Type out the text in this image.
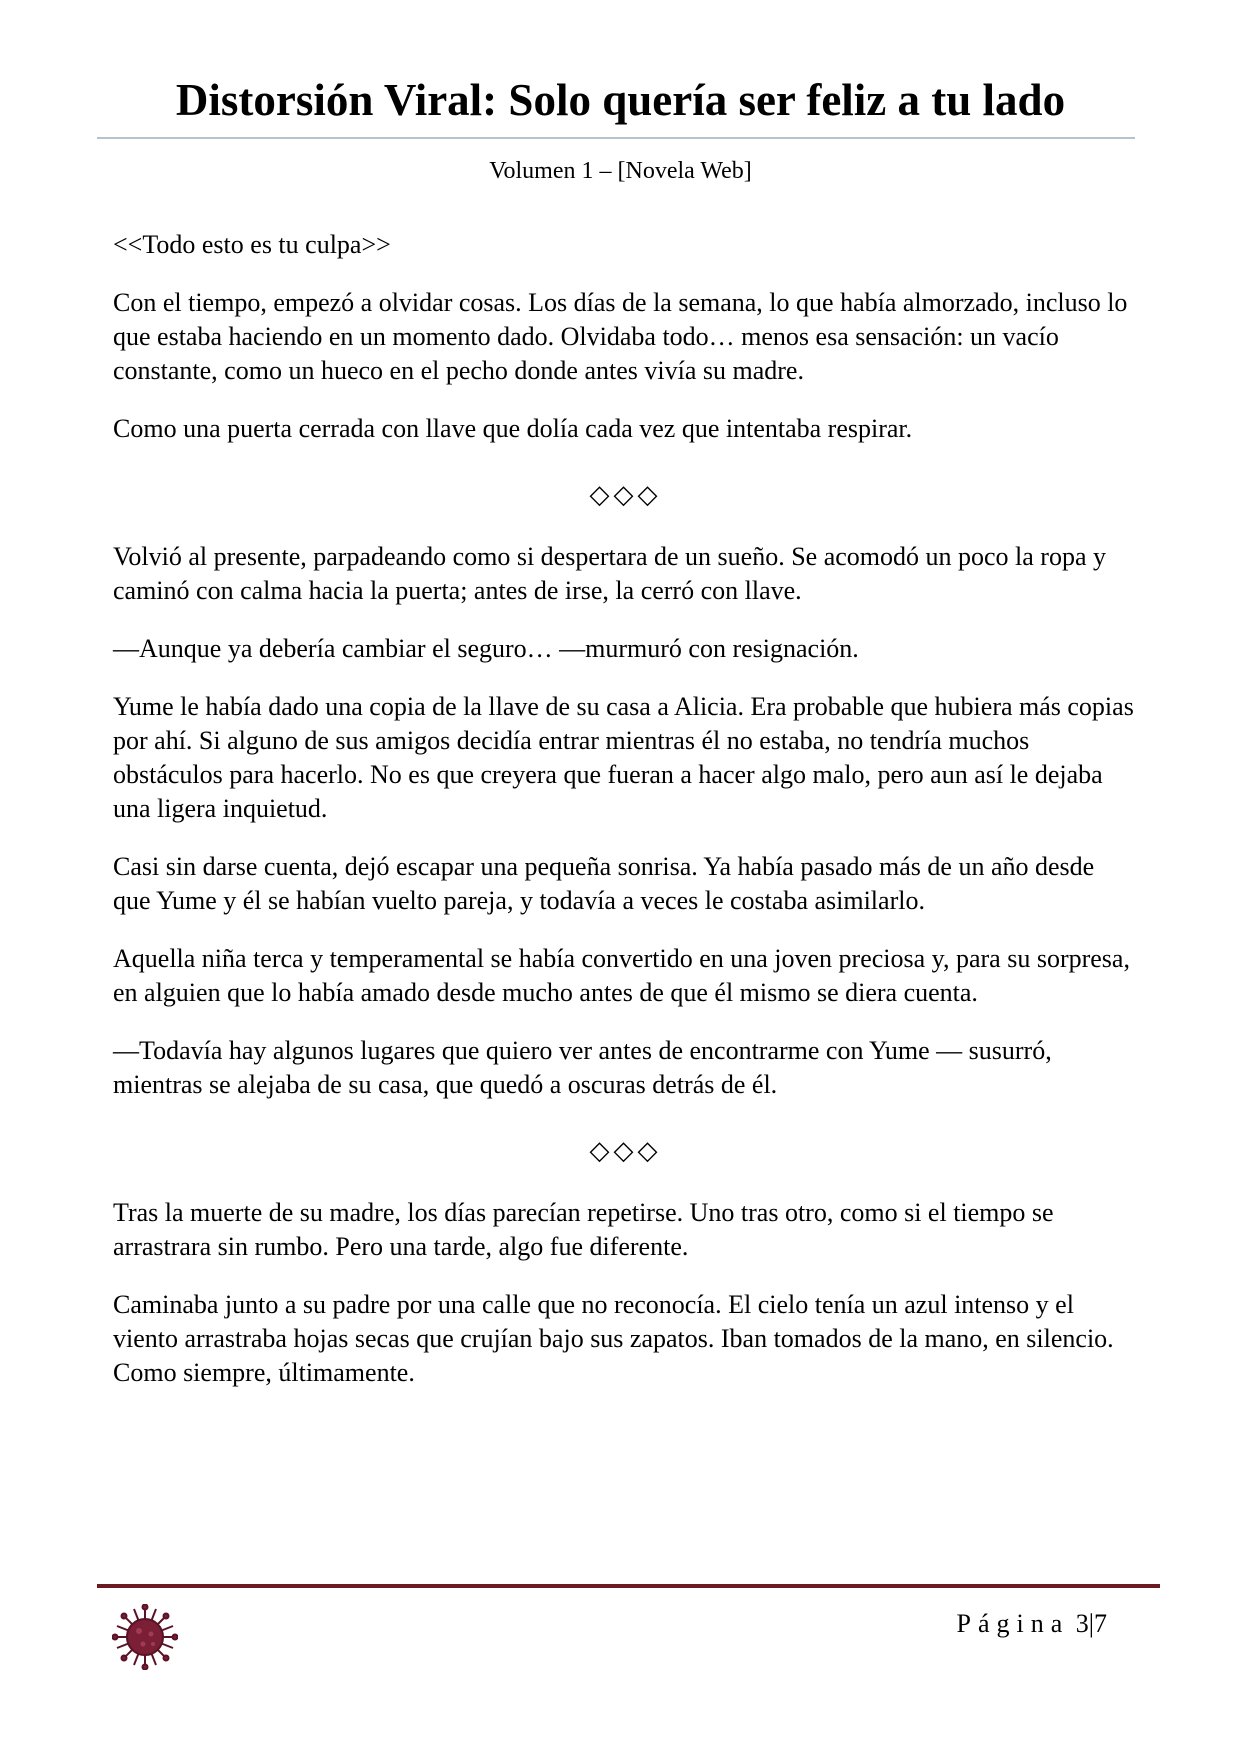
Distorsión Viral: Solo quería ser feliz a tu lado
Volumen 1 – [Novela Web]

<<Todo esto es tu culpa>>

Con el tiempo, empezó a olvidar cosas. Los días de la semana, lo que había almorzado, incluso lo que estaba haciendo en un momento dado. Olvidaba todo… menos esa sensación: un vacío constante, como un hueco en el pecho donde antes vivía su madre.

Como una puerta cerrada con llave que dolía cada vez que intentaba respirar.

◇◇◇

Volvió al presente, parpadeando como si despertara de un sueño. Se acomodó un poco la ropa y caminó con calma hacia la puerta; antes de irse, la cerró con llave.

—Aunque ya debería cambiar el seguro… —murmuró con resignación.

Yume le había dado una copia de la llave de su casa a Alicia. Era probable que hubiera más copias por ahí. Si alguno de sus amigos decidía entrar mientras él no estaba, no tendría muchos obstáculos para hacerlo. No es que creyera que fueran a hacer algo malo, pero aun así le dejaba una ligera inquietud.

Casi sin darse cuenta, dejó escapar una pequeña sonrisa. Ya había pasado más de un año desde que Yume y él se habían vuelto pareja, y todavía a veces le costaba asimilarlo.

Aquella niña terca y temperamental se había convertido en una joven preciosa y, para su sorpresa, en alguien que lo había amado desde mucho antes de que él mismo se diera cuenta.

—Todavía hay algunos lugares que quiero ver antes de encontrarme con Yume — susurró, mientras se alejaba de su casa, que quedó a oscuras detrás de él.

◇◇◇

Tras la muerte de su madre, los días parecían repetirse. Uno tras otro, como si el tiempo se arrastrara sin rumbo. Pero una tarde, algo fue diferente.

Caminaba junto a su padre por una calle que no reconocía. El cielo tenía un azul intenso y el viento arrastraba hojas secas que crujían bajo sus zapatos. Iban tomados de la mano, en silencio. Como siempre, últimamente.

Página 3|7
